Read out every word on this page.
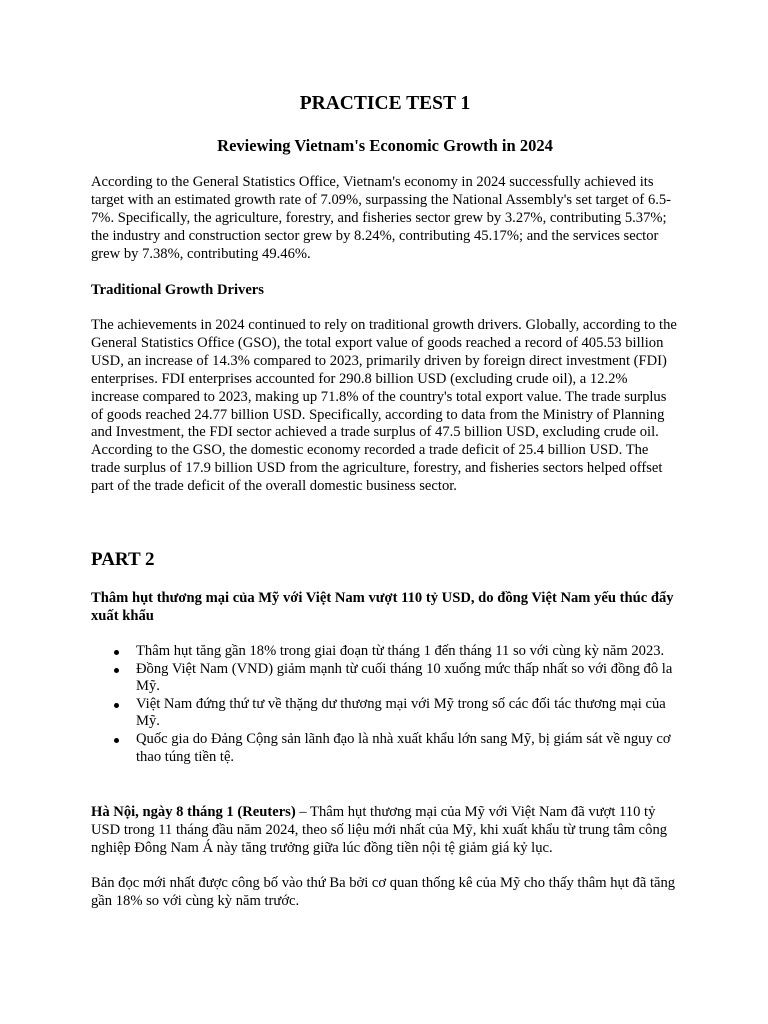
PRACTICE TEST 1
Reviewing Vietnam's Economic Growth in 2024

According to the General Statistics Office, Vietnam's economy in 2024 successfully achieved its target with an estimated growth rate of 7.09%, surpassing the National Assembly's set target of 6.5-7%. Specifically, the agriculture, forestry, and fisheries sector grew by 3.27%, contributing 5.37%; the industry and construction sector grew by 8.24%, contributing 45.17%; and the services sector grew by 7.38%, contributing 49.46%.

Traditional Growth Drivers

The achievements in 2024 continued to rely on traditional growth drivers. Globally, according to the General Statistics Office (GSO), the total export value of goods reached a record of 405.53 billion USD, an increase of 14.3% compared to 2023, primarily driven by foreign direct investment (FDI) enterprises. FDI enterprises accounted for 290.8 billion USD (excluding crude oil), a 12.2% increase compared to 2023, making up 71.8% of the country's total export value. The trade surplus of goods reached 24.77 billion USD. Specifically, according to data from the Ministry of Planning and Investment, the FDI sector achieved a trade surplus of 47.5 billion USD, excluding crude oil. According to the GSO, the domestic economy recorded a trade deficit of 25.4 billion USD. The trade surplus of 17.9 billion USD from the agriculture, forestry, and fisheries sectors helped offset part of the trade deficit of the overall domestic business sector.

PART 2

Thâm hụt thương mại của Mỹ với Việt Nam vượt 110 tỷ USD, do đồng Việt Nam yếu thúc đẩy xuất khẩu

Thâm hụt tăng gần 18% trong giai đoạn từ tháng 1 đến tháng 11 so với cùng kỳ năm 2023.
Đồng Việt Nam (VND) giảm mạnh từ cuối tháng 10 xuống mức thấp nhất so với đồng đô la Mỹ.
Việt Nam đứng thứ tư về thặng dư thương mại với Mỹ trong số các đối tác thương mại của Mỹ.
Quốc gia do Đảng Cộng sản lãnh đạo là nhà xuất khẩu lớn sang Mỹ, bị giám sát về nguy cơ thao túng tiền tệ.

Hà Nội, ngày 8 tháng 1 (Reuters) – Thâm hụt thương mại của Mỹ với Việt Nam đã vượt 110 tỷ USD trong 11 tháng đầu năm 2024, theo số liệu mới nhất của Mỹ, khi xuất khẩu từ trung tâm công nghiệp Đông Nam Á này tăng trưởng giữa lúc đồng tiền nội tệ giảm giá kỷ lục.

Bản đọc mới nhất được công bố vào thứ Ba bởi cơ quan thống kê của Mỹ cho thấy thâm hụt đã tăng gần 18% so với cùng kỳ năm trước.
